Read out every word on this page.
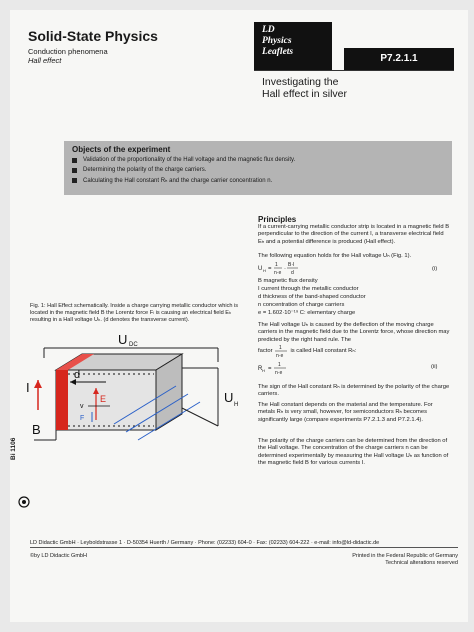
Solid-State Physics
Conduction phenomena
Hall effect
LD
Physics
Leaflets
P7.2.1.1
Investigating the
Hall effect in silver
Objects of the experiment
Validation of the proportionality of the Hall voltage and the magnetic flux density.
Determining the polarity of the charge carriers.
Calculating the Hall constant Rₕ and the charge carrier concentration n.
Principles
If a current-carrying metallic conductor strip is located in a magnetic field B perpendicular to the direction of the current I, a transverse electrical field Eₕ and a potential difference is produced (Hall effect).
The following equation holds for the Hall voltage Uₕ (Fig. 1).
U H =
1
n·e
·
B·I
d
(i)
B magnetic flux density
I current through the metallic conductor
d thickness of the band-shaped conductor
n concentration of charge carriers
e = 1.602·10⁻¹⁹ C: elementary charge
The Hall voltage Uₕ is caused by the deflection of the moving charge carriers in the magnetic field due to the Lorentz force, whose direction may predicted by the right hand rule. The
factor 1
n·e
is called Hall constant Rₕ:
R H =
1
n·e
(ii)
The sign of the Hall constant Rₕ is determined by the polarity of the charge carriers.
The Hall constant depends on the material and the temperature. For metals Rₕ is very small, however, for semiconductors Rₕ becomes significantly large (compare experiments P7.2.1.3 and P7.2.1.4).
The polarity of the charge carriers can be determined from the direction of the Hall voltage. The concentration of the charge carriers n can be determined experimentally by measuring the Hall voltage Uₕ as function of the magnetic field B for various currents I.
Fig. 1: Hall Effect schematically. Inside a charge carrying metallic conductor which is located in the magnetic field B the Lorentz force Fₗ is causing an electrical field Eₕ resulting in a Hall voltage Uₕ. (d denotes the transverse current).
U DC
d
E
v
F
I
B
U H
Bi 1106
LD Didactic GmbH · Leyboldstrasse 1 · D-50354 Huerth / Germany · Phone: (02233) 604-0 · Fax: (02233) 604-222 · e-mail: info@ld-didactic.de
©by LD Didactic GmbH	Printed in the Federal Republic of Germany
Technical alterations reserved
